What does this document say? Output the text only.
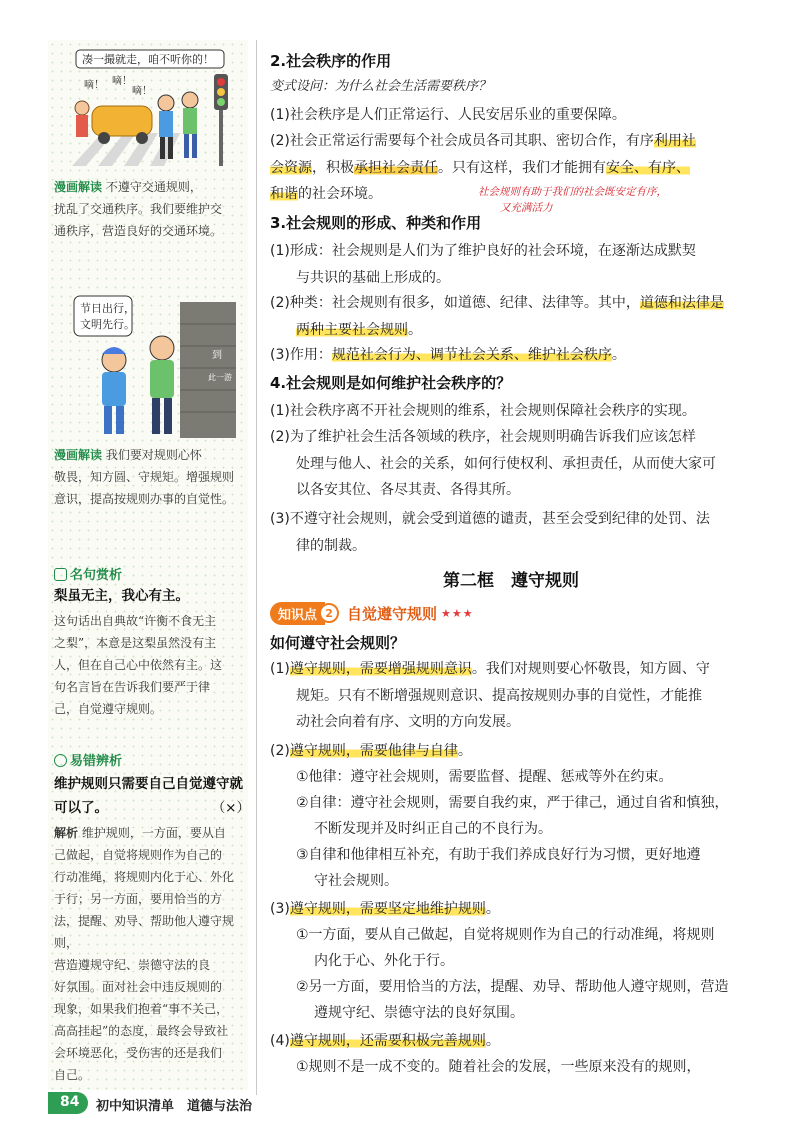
凑一撮就走，咱不听你的！
嘀！ 嘀！
嘀！
漫画解读 不遵守交通规则，
扰乱了交通秩序。我们要维护交
通秩序，营造良好的交通环境。
节日出行，
文明先行。
到
此一游
漫画解读 我们要对规则心怀
敬畏，知方圆、守规矩。增强规则
意识，提高按规则办事的自觉性。
名句赏析
梨虽无主，我心有主。
这句话出自典故“许衡不食无主
之梨”，本意是这梨虽然没有主
人，但在自己心中依然有主。这
句名言旨在告诉我们要严于律
己，自觉遵守规则。
易错辨析
维护规则只需要自己自觉遵守就
可以了。	（×）
解析 维护规则，一方面，要从自
己做起，自觉将规则作为自己的
行动准绳，将规则内化于心、外化
于行；另一方面，要用恰当的方
法，提醒、劝导、帮助他人遵守规则，
营造遵规守纪、崇德守法的良
好氛围。面对社会中违反规则的
现象，如果我们抱着“事不关己，
高高挂起”的态度，最终会导致社
会环境恶化，受伤害的还是我们
自己。
2.社会秩序的作用
变式设问：为什么社会生活需要秩序？
(1)社会秩序是人们正常运行、人民安居乐业的重要保障。
(2)社会正常运行需要每个社会成员各司其职、密切合作，有序利用社
会资源，积极承担社会责任。只有这样，我们才能拥有安全、有序、
和谐的社会环境。	社会规则有助于我们的社会既安定有序，
又充满活力
3.社会规则的形成、种类和作用
(1)形成：社会规则是人们为了维护良好的社会环境，在逐渐达成默契
与共识的基础上形成的。
(2)种类：社会规则有很多，如道德、纪律、法律等。其中，道德和法律是
两种主要社会规则。
(3)作用：规范社会行为、调节社会关系、维护社会秩序。
4.社会规则是如何维护社会秩序的？
(1)社会秩序离不开社会规则的维系，社会规则保障社会秩序的实现。
(2)为了维护社会生活各领域的秩序，社会规则明确告诉我们应该怎样
处理与他人、社会的关系，如何行使权利、承担责任，从而使大家可
以各安其位、各尽其责、各得其所。
(3)不遵守社会规则，就会受到道德的谴责，甚至会受到纪律的处罚、法
律的制裁。
第二框　遵守规则
知识点 2 自觉遵守规则 ★★★
如何遵守社会规则？
(1)遵守规则，需要增强规则意识。我们对规则要心怀敬畏，知方圆、守
规矩。只有不断增强规则意识、提高按规则办事的自觉性，才能推
动社会向着有序、文明的方向发展。
(2)遵守规则，需要他律与自律。
①他律：遵守社会规则，需要监督、提醒、惩戒等外在约束。
②自律：遵守社会规则，需要自我约束，严于律己，通过自省和慎独，
不断发现并及时纠正自己的不良行为。
③自律和他律相互补充，有助于我们养成良好行为习惯，更好地遵
守社会规则。
(3)遵守规则，需要坚定地维护规则。
①一方面，要从自己做起，自觉将规则作为自己的行动准绳，将规则
内化于心、外化于行。
②另一方面，要用恰当的方法，提醒、劝导、帮助他人遵守规则，营造
遵规守纪、崇德守法的良好氛围。
(4)遵守规则，还需要积极完善规则。
①规则不是一成不变的。随着社会的发展，一些原来没有的规则，
84 初中知识清单　道德与法治
